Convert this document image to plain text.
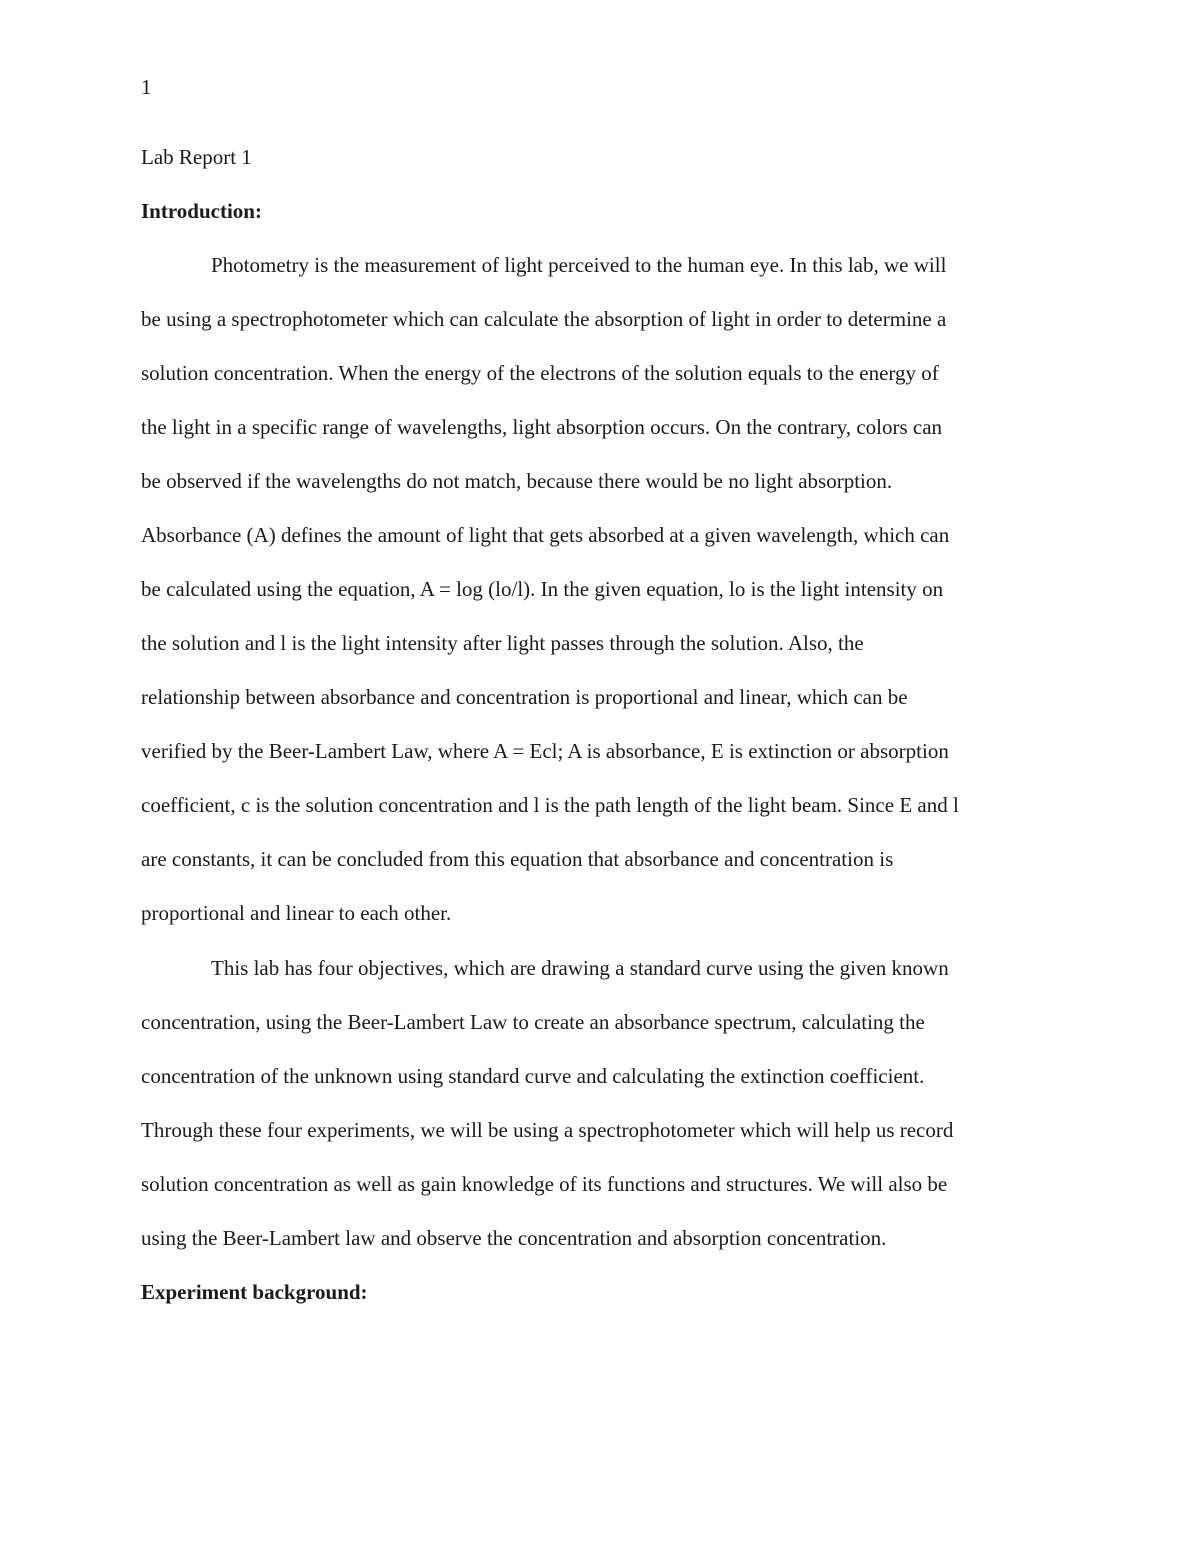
1
Lab Report 1
Introduction:
Photometry is the measurement of light perceived to the human eye. In this lab, we will
be using a spectrophotometer which can calculate the absorption of light in order to determine a
solution concentration. When the energy of the electrons of the solution equals to the energy of
the light in a specific range of wavelengths, light absorption occurs. On the contrary, colors can
be observed if the wavelengths do not match, because there would be no light absorption.
Absorbance (A) defines the amount of light that gets absorbed at a given wavelength, which can
be calculated using the equation, A = log (lo/l). In the given equation, lo is the light intensity on
the solution and l is the light intensity after light passes through the solution. Also, the
relationship between absorbance and concentration is proportional and linear, which can be
verified by the Beer-Lambert Law, where A = Ecl; A is absorbance, E is extinction or absorption
coefficient, c is the solution concentration and l is the path length of the light beam. Since E and l
are constants, it can be concluded from this equation that absorbance and concentration is
proportional and linear to each other.
This lab has four objectives, which are drawing a standard curve using the given known
concentration, using the Beer-Lambert Law to create an absorbance spectrum, calculating the
concentration of the unknown using standard curve and calculating the extinction coefficient.
Through these four experiments, we will be using a spectrophotometer which will help us record
solution concentration as well as gain knowledge of its functions and structures. We will also be
using the Beer-Lambert law and observe the concentration and absorption concentration.
Experiment background:
